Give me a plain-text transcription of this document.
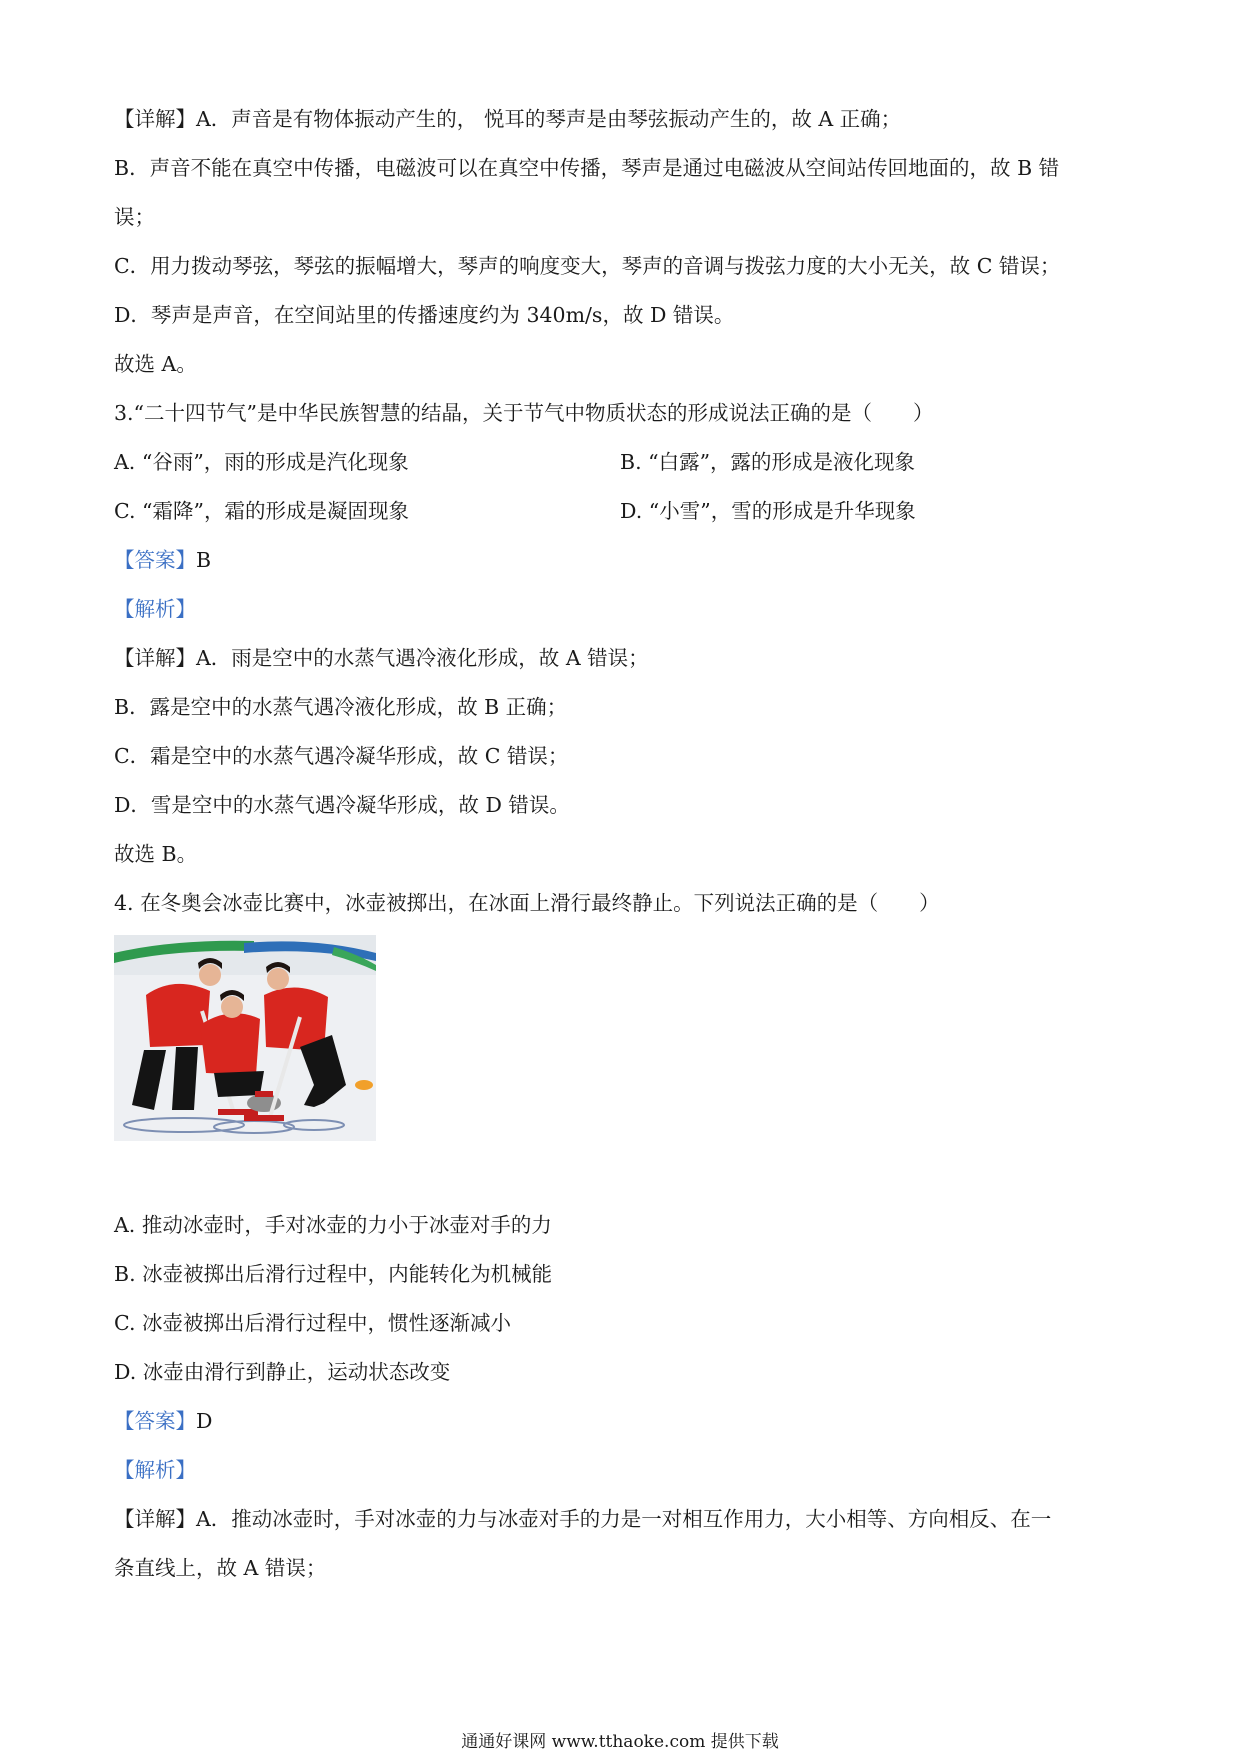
【详解】A．声音是有物体振动产生的， 悦耳的琴声是由琴弦振动产生的，故 A 正确；
B．声音不能在真空中传播，电磁波可以在真空中传播，琴声是通过电磁波从空间站传回地面的，故 B 错
误；
C．用力拨动琴弦，琴弦的振幅增大，琴声的响度变大，琴声的音调与拨弦力度的大小无关，故 C 错误；
D．琴声是声音，在空间站里的传播速度约为 340m/s，故 D 错误。
故选 A。
3.“二十四节气”是中华民族智慧的结晶，关于节气中物质状态的形成说法正确的是（　　）
A. “谷雨”，雨的形成是汽化现象	B. “白露”，露的形成是液化现象
C. “霜降”，霜的形成是凝固现象	D. “小雪”，雪的形成是升华现象
【答案】B
【解析】
【详解】A．雨是空中的水蒸气遇冷液化形成，故 A 错误；
B．露是空中的水蒸气遇冷液化形成，故 B 正确；
C．霜是空中的水蒸气遇冷凝华形成，故 C 错误；
D．雪是空中的水蒸气遇冷凝华形成，故 D 错误。
故选 B。
4. 在冬奥会冰壶比赛中，冰壶被掷出，在冰面上滑行最终静止。下列说法正确的是（　　）
A. 推动冰壶时，手对冰壶的力小于冰壶对手的力
B. 冰壶被掷出后滑行过程中，内能转化为机械能
C. 冰壶被掷出后滑行过程中，惯性逐渐减小
D. 冰壶由滑行到静止，运动状态改变
【答案】D
【解析】
【详解】A．推动冰壶时，手对冰壶的力与冰壶对手的力是一对相互作用力，大小相等、方向相反、在一
条直线上，故 A 错误；
通通好课网 www.tthaoke.com 提供下载
